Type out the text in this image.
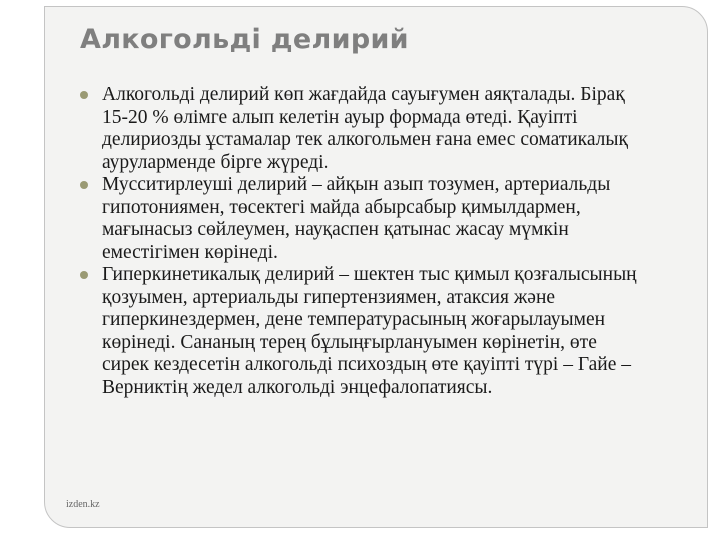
Алкогольді делирий
Алкогольді делирий көп жағдайда сауығумен аяқталады. Бірақ 15-20 % өлімге алып келетін ауыр формада өтеді. Қауіпті делириозды ұстамалар тек алкогольмен ғана емес соматикалық ауруларменде бірге жүреді.
Мусситирлеуші делирий – айқын азып тозумен, артериальды гипотониямен, төсектегі майда абырсабыр қимылдармен, мағынасыз сөйлеумен, науқаспен қатынас жасау мүмкін еместігімен көрінеді.
Гиперкинетикалық делирий – шектен тыс қимыл қозғалысының қозуымен, артериальды гипертензиямен, атаксия және гиперкинездермен, дене температурасының жоғарылауымен көрінеді. Сананың терең бұлыңғырлануымен көрінетін, өте сирек кездесетін алкогольді психоздың өте қауіпті түрі – Гайе –Верниктің жедел алкогольді энцефалопатиясы.
izden.kz
